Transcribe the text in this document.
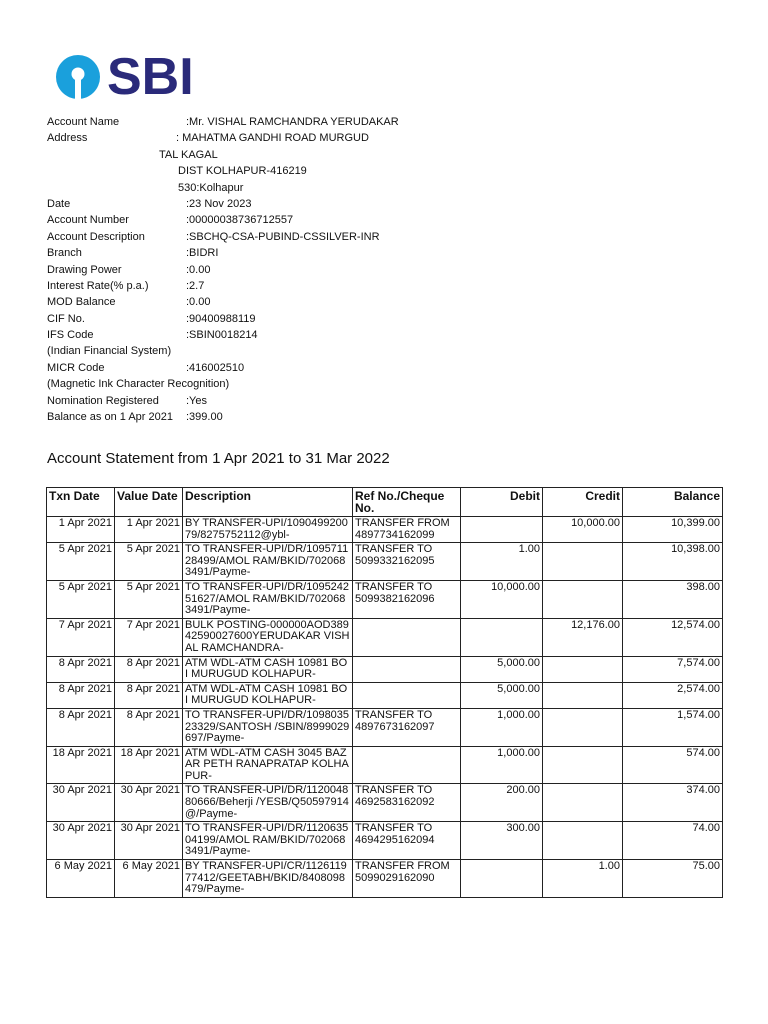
SBI
Account Name	:Mr. VISHAL RAMCHANDRA YERUDAKAR
Address	: MAHATMA GANDHI ROAD MURGUD
TAL KAGAL
DIST KOLHAPUR-416219
530:Kolhapur
Date	:23 Nov 2023
Account Number	:00000038736712557
Account Description	:SBCHQ-CSA-PUBIND-CSSILVER-INR
Branch	:BIDRI
Drawing Power	:0.00
Interest Rate(% p.a.)	:2.7
MOD Balance	:0.00
CIF No.	:90400988119
IFS Code	:SBIN0018214
(Indian Financial System)
MICR Code	:416002510
(Magnetic Ink Character Recognition)
Nomination Registered :Yes
Balance as on 1 Apr 2021 :399.00
Account Statement from 1 Apr 2021 to 31 Mar 2022
Txn Date	Value Date	Description	Ref No./Cheque No.	Debit	Credit	Balance
1 Apr 2021	1 Apr 2021	BY TRANSFER-UPI/109049920079/8275752112@ybl-	TRANSFER FROM 4897734162099		10,000.00	10,399.00
5 Apr 2021	5 Apr 2021	TO TRANSFER-UPI/DR/109571128499/AMOL RAM/BKID/7020683491/Payme-	TRANSFER TO 5099332162095	1.00		10,398.00
5 Apr 2021	5 Apr 2021	TO TRANSFER-UPI/DR/109524251627/AMOL RAM/BKID/7020683491/Payme-	TRANSFER TO 5099382162096	10,000.00		398.00
7 Apr 2021	7 Apr 2021	BULK POSTING-000000AOD38942590027600YERUDAKAR VISHAL RAMCHANDRA-			12,176.00	12,574.00
8 Apr 2021	8 Apr 2021	ATM WDL-ATM CASH 10981 BOI MURUGUD KOLHAPUR-		5,000.00		7,574.00
8 Apr 2021	8 Apr 2021	ATM WDL-ATM CASH 10981 BOI MURUGUD KOLHAPUR-		5,000.00		2,574.00
8 Apr 2021	8 Apr 2021	TO TRANSFER-UPI/DR/109803523329/SANTOSH /SBIN/8999029697/Payme-	TRANSFER TO 4897673162097	1,000.00		1,574.00
18 Apr 2021	18 Apr 2021	ATM WDL-ATM CASH 3045 BAZAR PETH RANAPRATAP KOLHAPUR-		1,000.00		574.00
30 Apr 2021	30 Apr 2021	TO TRANSFER-UPI/DR/112004880666/Beherji /YESB/Q50597914@/Payme-	TRANSFER TO 4692583162092	200.00		374.00
30 Apr 2021	30 Apr 2021	TO TRANSFER-UPI/DR/112063504199/AMOL RAM/BKID/7020683491/Payme-	TRANSFER TO 4694295162094	300.00		74.00
6 May 2021	6 May 2021	BY TRANSFER-UPI/CR/112611977412/GEETABH/BKID/8408098479/Payme-	TRANSFER FROM 5099029162090		1.00	75.00
